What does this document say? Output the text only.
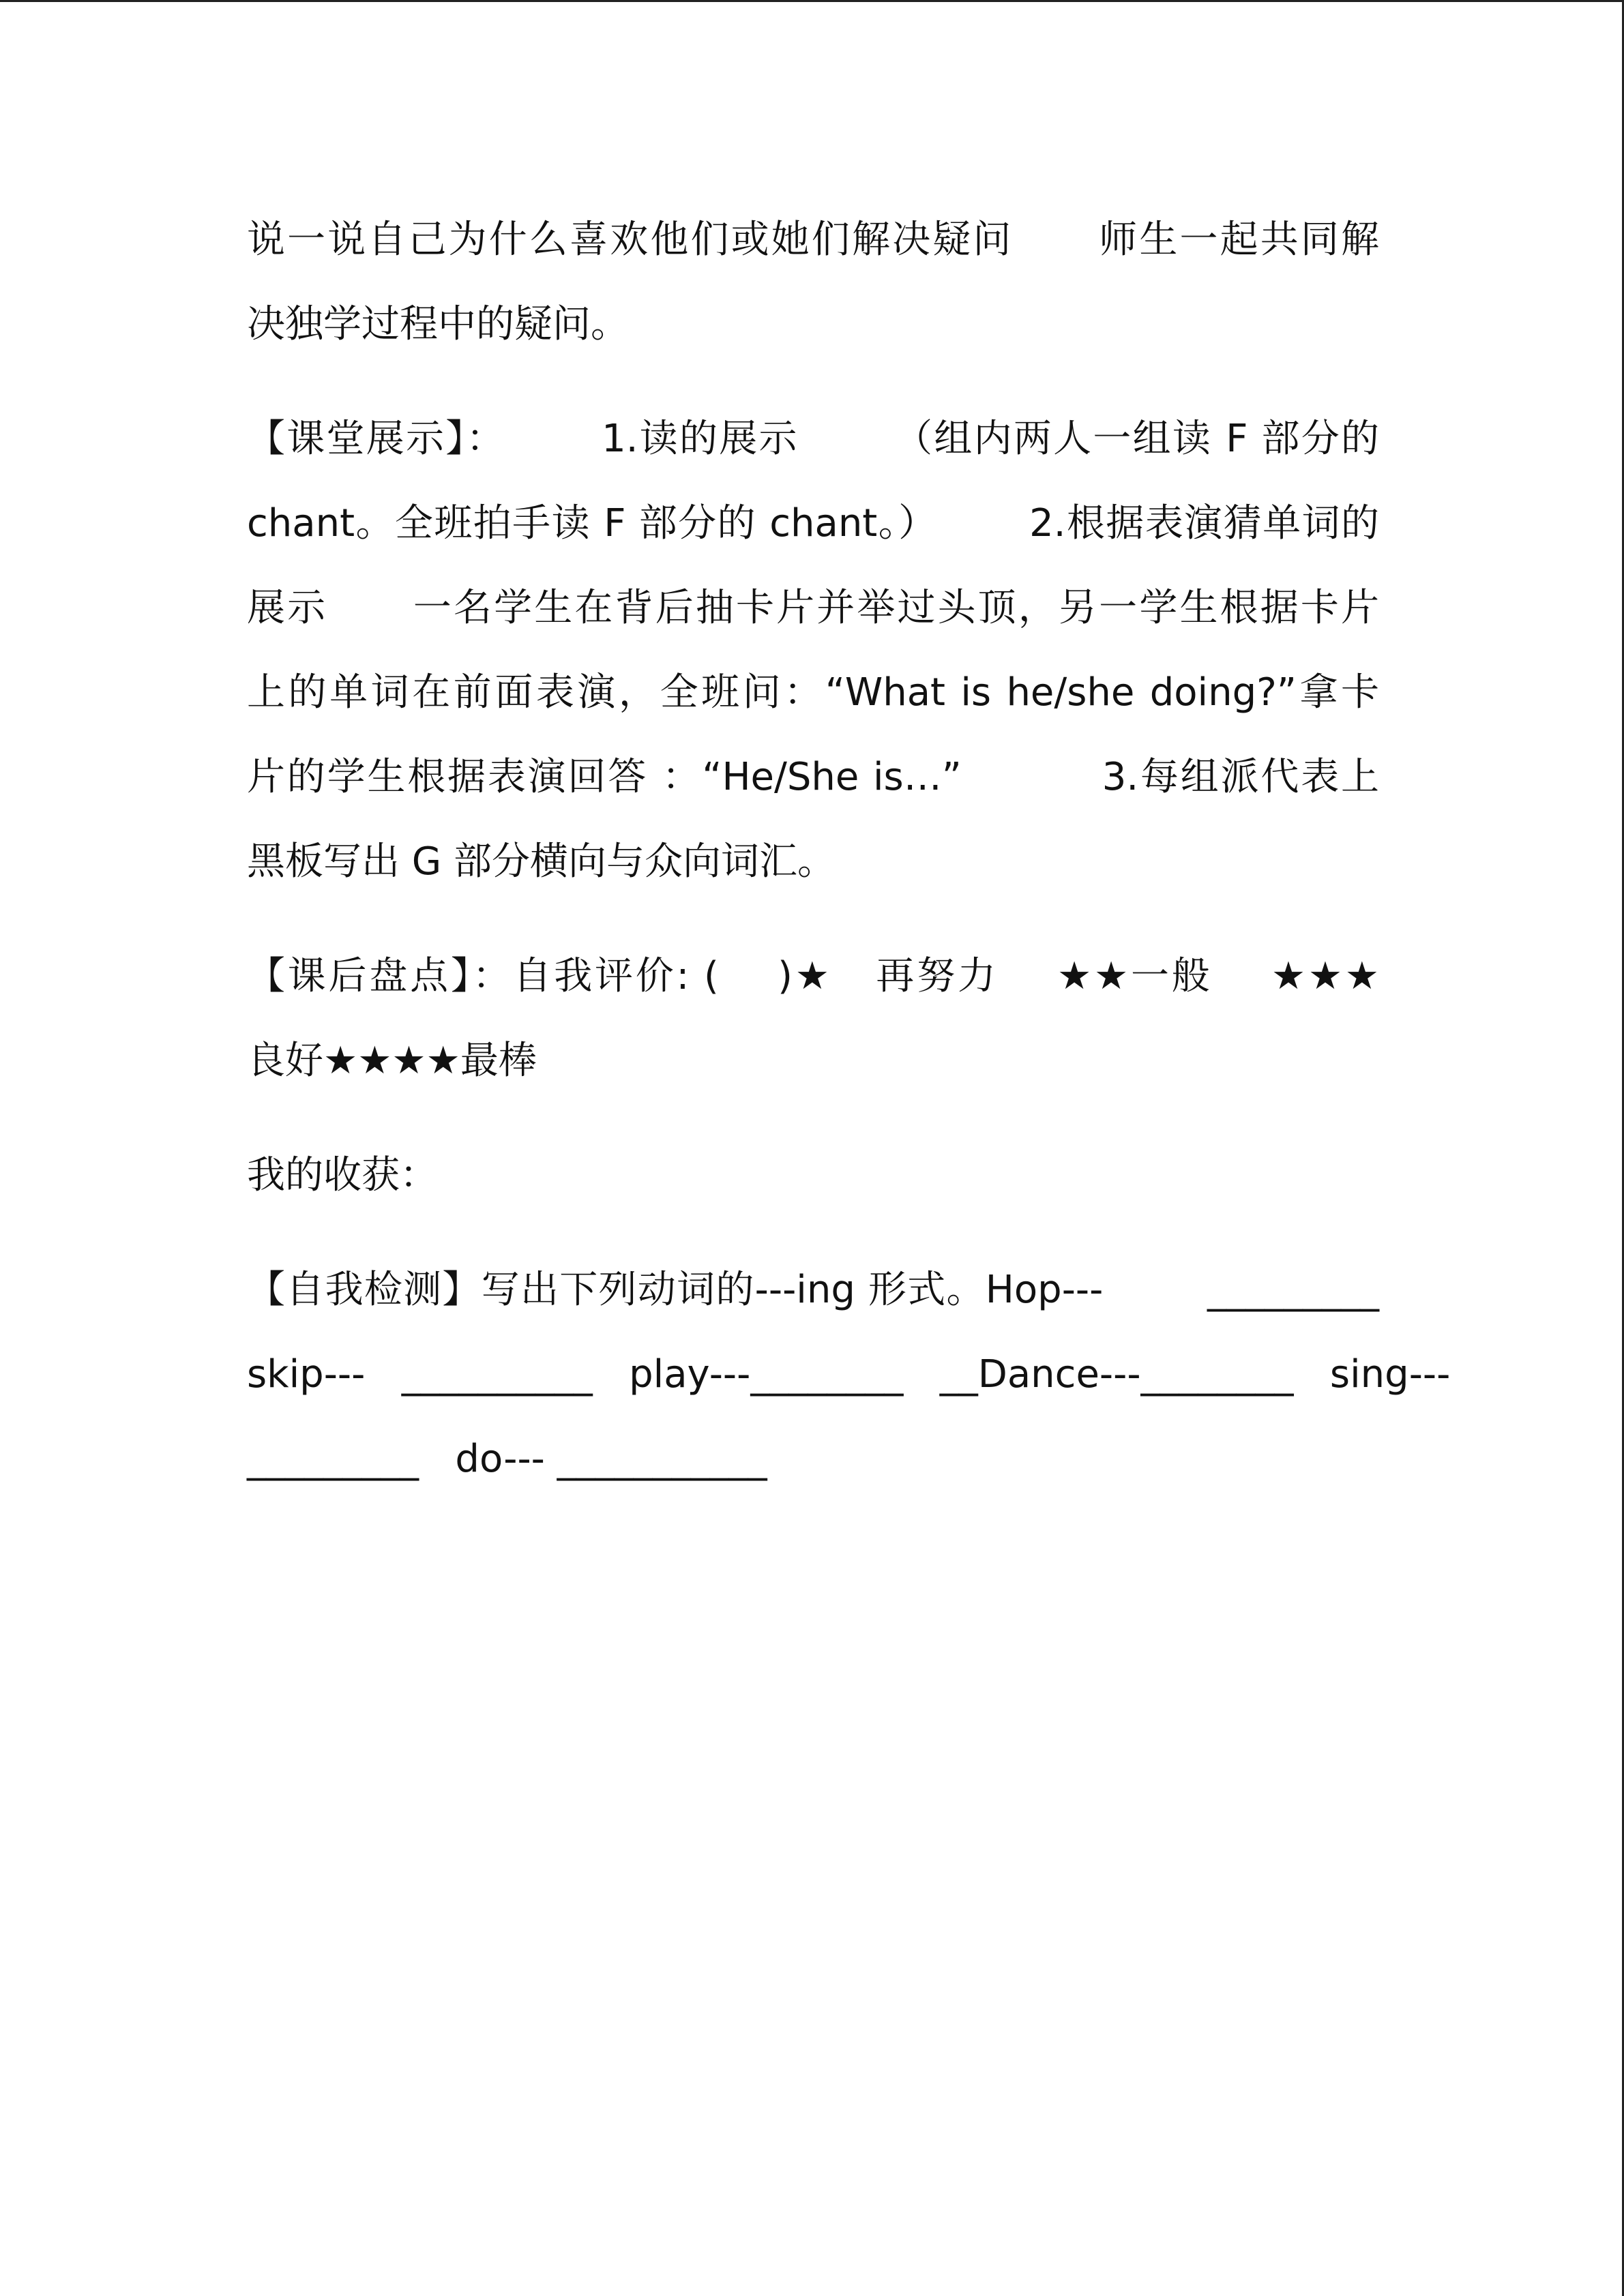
说一说自己为什么喜欢他们或她们解决疑问      师生一起共同解
决独学过程中的疑问。
【课堂展示】：       1.读的展示       （组内两人一组读 F 部分的
chant。全班拍手读 F 部分的 chant。）       2.根据表演猜单词的
展示      一名学生在背后抽卡片并举过头顶，另一学生根据卡片
上的单词在前面表演，全班问：“What is he/she doing?”拿卡
片的学生根据表演回答 ：“He/She is…”          3.每组派代表上
黑板写出 G 部分横向与众向词汇。
【课后盘点】：自我评价: (    )★   再努力    ★★一般    ★★★
良好★★★★最棒
我的收获：
【自我检测】写出下列动词的---ing 形式。Hop---        _________
skip---   __________   play---________   __Dance---________   sing---
_________   do--- ___________
